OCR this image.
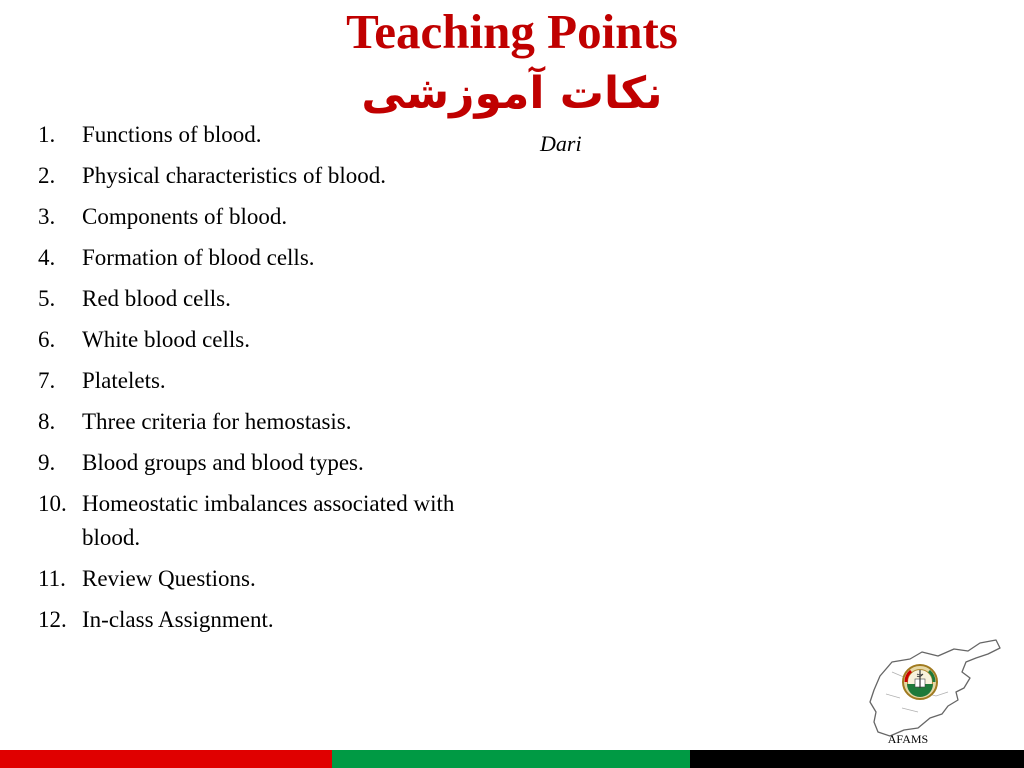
Teaching Points
نکات آموزشی
Dari
1.	Functions of blood.
2.	Physical characteristics of blood.
3.	Components of blood.
4.	Formation of blood cells.
5.	Red blood cells.
6.	White blood cells.
7.	Platelets.
8.	Three criteria for hemostasis.
9.	Blood groups and blood types.
10. Homeostatic imbalances associated with blood.
11. Review Questions.
12. In-class Assignment.
AFAMS
